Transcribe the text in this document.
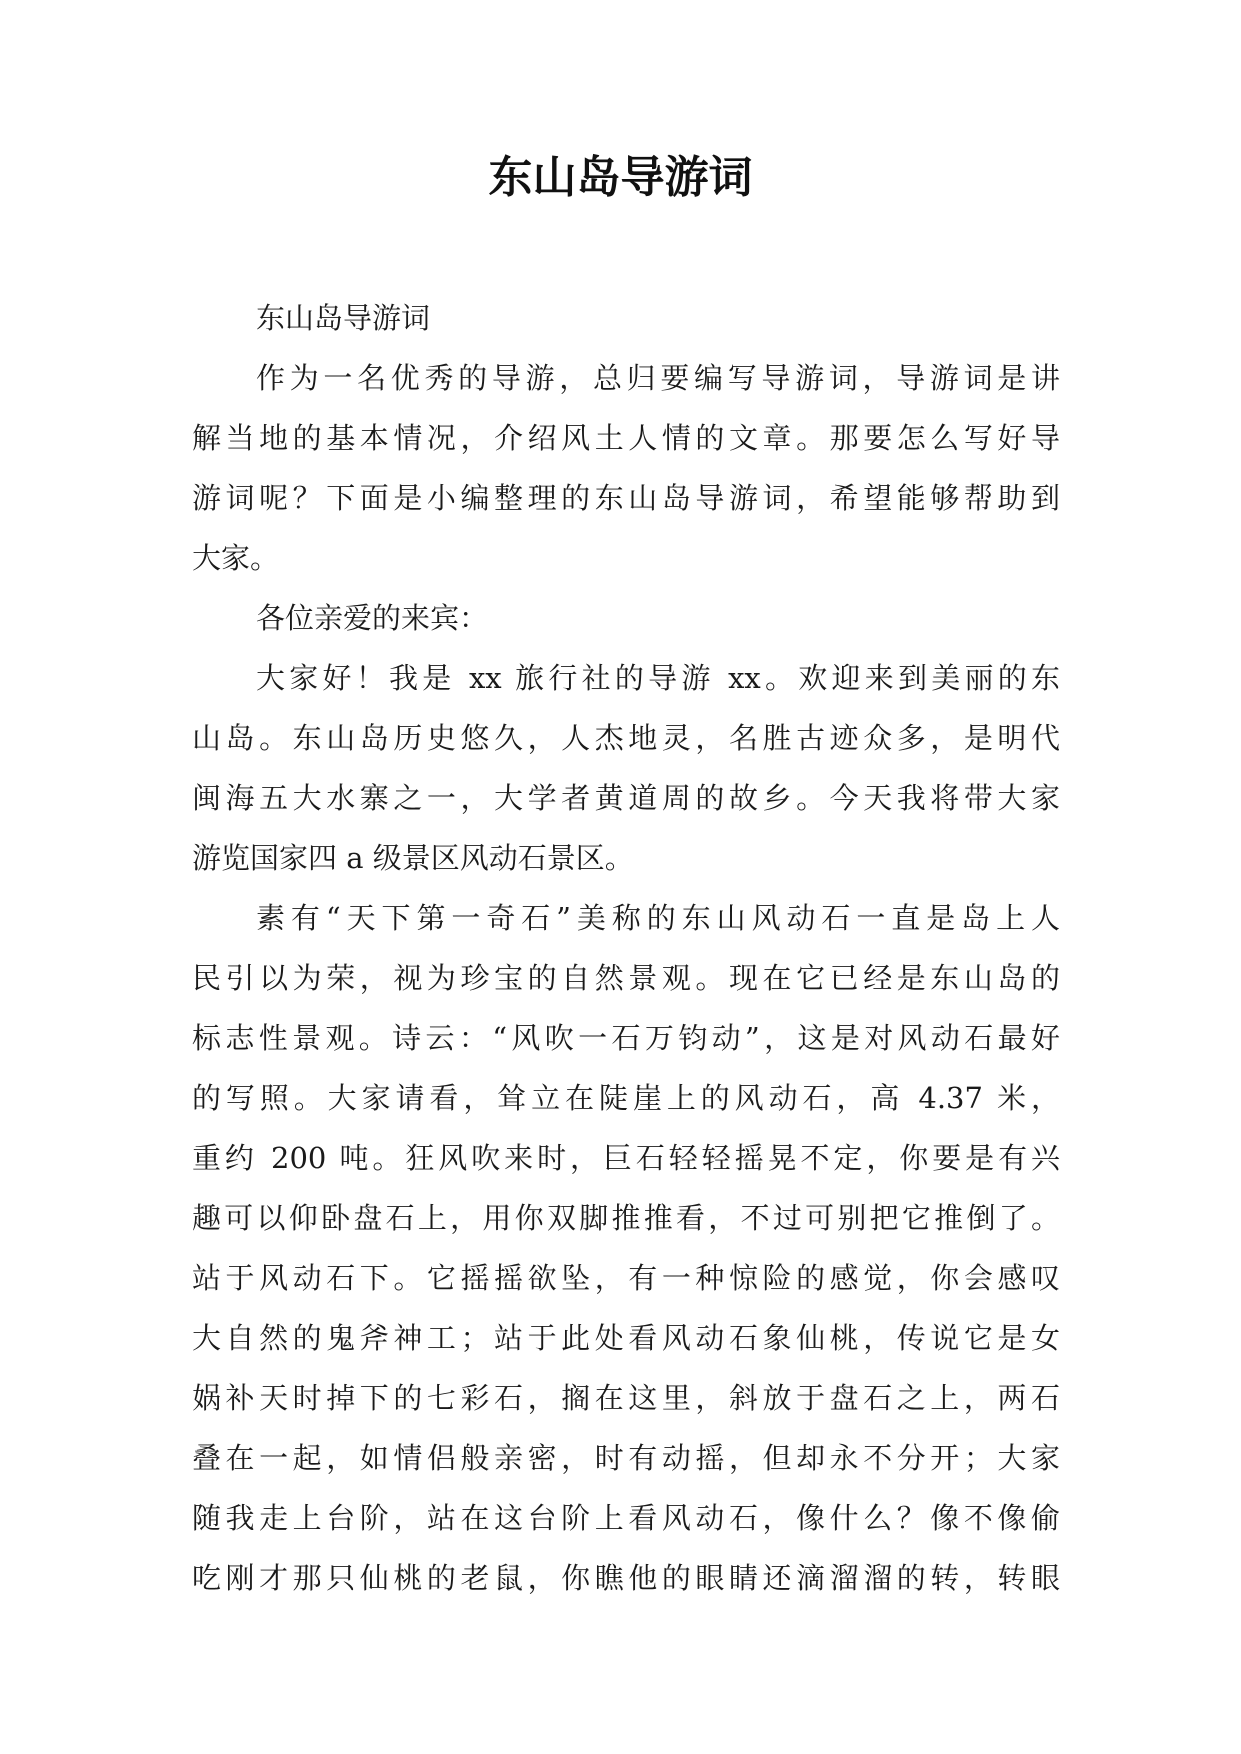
东山岛导游词
东山岛导游词
作为一名优秀的导游，总归要编写导游词，导游词是讲
解当地的基本情况，介绍风土人情的文章。那要怎么写好导
游词呢？下面是小编整理的东山岛导游词，希望能够帮助到
大家。
各位亲爱的来宾：
大家好！我是 xx 旅行社的导游 xx。欢迎来到美丽的东
山岛。东山岛历史悠久，人杰地灵，名胜古迹众多，是明代
闽海五大水寨之一，大学者黄道周的故乡。今天我将带大家
游览国家四 a 级景区风动石景区。
素有“天下第一奇石”美称的东山风动石一直是岛上人
民引以为荣，视为珍宝的自然景观。现在它已经是东山岛的
标志性景观。诗云：“风吹一石万钧动”，这是对风动石最好
的写照。大家请看，耸立在陡崖上的风动石，高 4.37 米，
重约 200 吨。狂风吹来时，巨石轻轻摇晃不定，你要是有兴
趣可以仰卧盘石上，用你双脚推推看，不过可别把它推倒了。
站于风动石下。它摇摇欲坠，有一种惊险的感觉，你会感叹
大自然的鬼斧神工；站于此处看风动石象仙桃，传说它是女
娲补天时掉下的七彩石，搁在这里，斜放于盘石之上，两石
叠在一起，如情侣般亲密，时有动摇，但却永不分开；大家
随我走上台阶，站在这台阶上看风动石，像什么？像不像偷
吃刚才那只仙桃的老鼠，你瞧他的眼睛还滴溜溜的转，转眼
